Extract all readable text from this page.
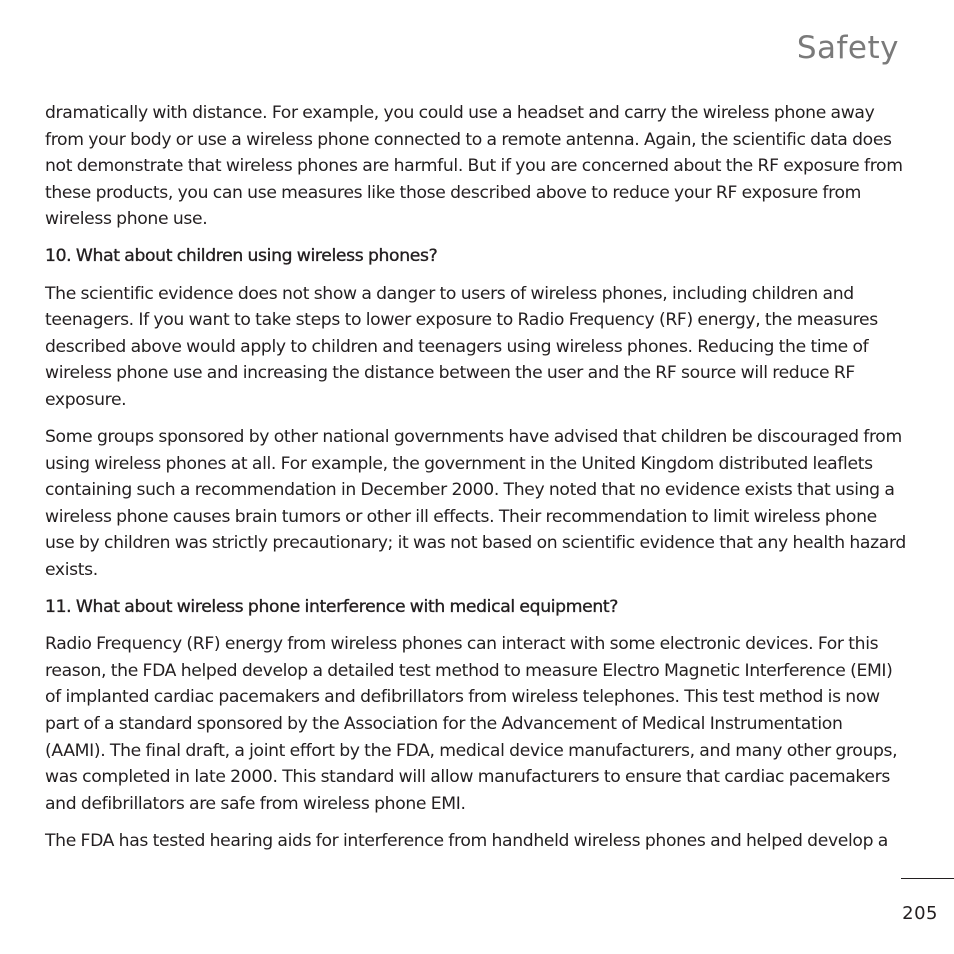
Safety

dramatically with distance. For example, you could use a headset and carry the wireless phone away from your body or use a wireless phone connected to a remote antenna. Again, the scientific data does not demonstrate that wireless phones are harmful. But if you are concerned about the RF exposure from these products, you can use measures like those described above to reduce your RF exposure from wireless phone use.

10. What about children using wireless phones?

The scientific evidence does not show a danger to users of wireless phones, including children and teenagers. If you want to take steps to lower exposure to Radio Frequency (RF) energy, the measures described above would apply to children and teenagers using wireless phones. Reducing the time of wireless phone use and increasing the distance between the user and the RF source will reduce RF exposure.

Some groups sponsored by other national governments have advised that children be discouraged from using wireless phones at all. For example, the government in the United Kingdom distributed leaflets containing such a recommendation in December 2000. They noted that no evidence exists that using a wireless phone causes brain tumors or other ill effects. Their recommendation to limit wireless phone use by children was strictly precautionary; it was not based on scientific evidence that any health hazard exists.

11. What about wireless phone interference with medical equipment?

Radio Frequency (RF) energy from wireless phones can interact with some electronic devices. For this reason, the FDA helped develop a detailed test method to measure Electro Magnetic Interference (EMI) of implanted cardiac pacemakers and defibrillators from wireless telephones. This test method is now part of a standard sponsored by the Association for the Advancement of Medical Instrumentation (AAMI). The final draft, a joint effort by the FDA, medical device manufacturers, and many other groups, was completed in late 2000. This standard will allow manufacturers to ensure that cardiac pacemakers and defibrillators are safe from wireless phone EMI.

The FDA has tested hearing aids for interference from handheld wireless phones and helped develop a

205
